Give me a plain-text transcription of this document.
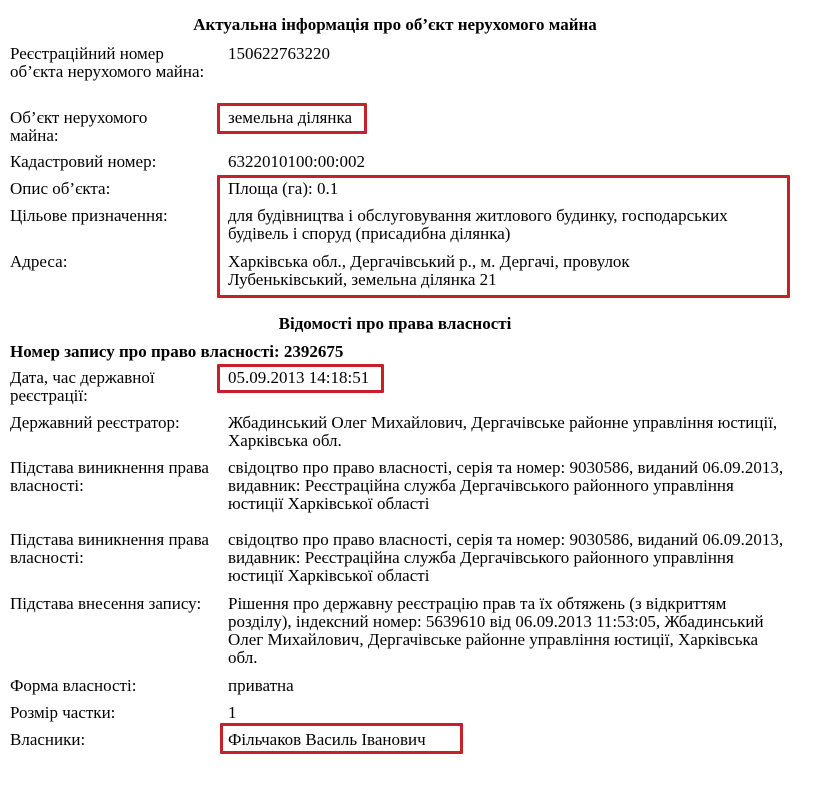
Актуальна інформація про об’єкт нерухомого майна
Реєстраційний номер об’єкта нерухомого майна:
150622763220
Об’єкт нерухомого майна:
земельна ділянка
Кадастровий номер:	6322010100:00:002
Опис об’єкта:	Площа (га): 0.1
Цільове призначення:	для будівництва і обслуговування житлового будинку, господарських будівель і споруд (присадибна ділянка)
Адреса:	Харківська обл., Дергачівський р., м. Дергачі, провулок Лубеньківський, земельна ділянка 21
Відомості про права власності
Номер запису про право власності: 2392675
Дата, час державної реєстрації:
05.09.2013 14:18:51
Державний реєстратор:	Жбадинський Олег Михайлович, Дергачівське районне управління юстиції, Харківська обл.
Підстава виникнення права власності:
свідоцтво про право власності, серія та номер: 9030586, виданий 06.09.2013, видавник: Реєстраційна служба Дергачівського районного управління юстиції Харківської області
Підстава виникнення права власності:
свідоцтво про право власності, серія та номер: 9030586, виданий 06.09.2013, видавник: Реєстраційна служба Дергачівського районного управління юстиції Харківської області
Підстава внесення запису:	Рішення про державну реєстрацію прав та їх обтяжень (з відкриттям розділу), індексний номер: 5639610 від 06.09.2013 11:53:05, Жбадинський Олег Михайлович, Дергачівське районне управління юстиції, Харківська обл.
Форма власності:	приватна
Розмір частки:	1
Власники:	Фільчаков Василь Іванович
